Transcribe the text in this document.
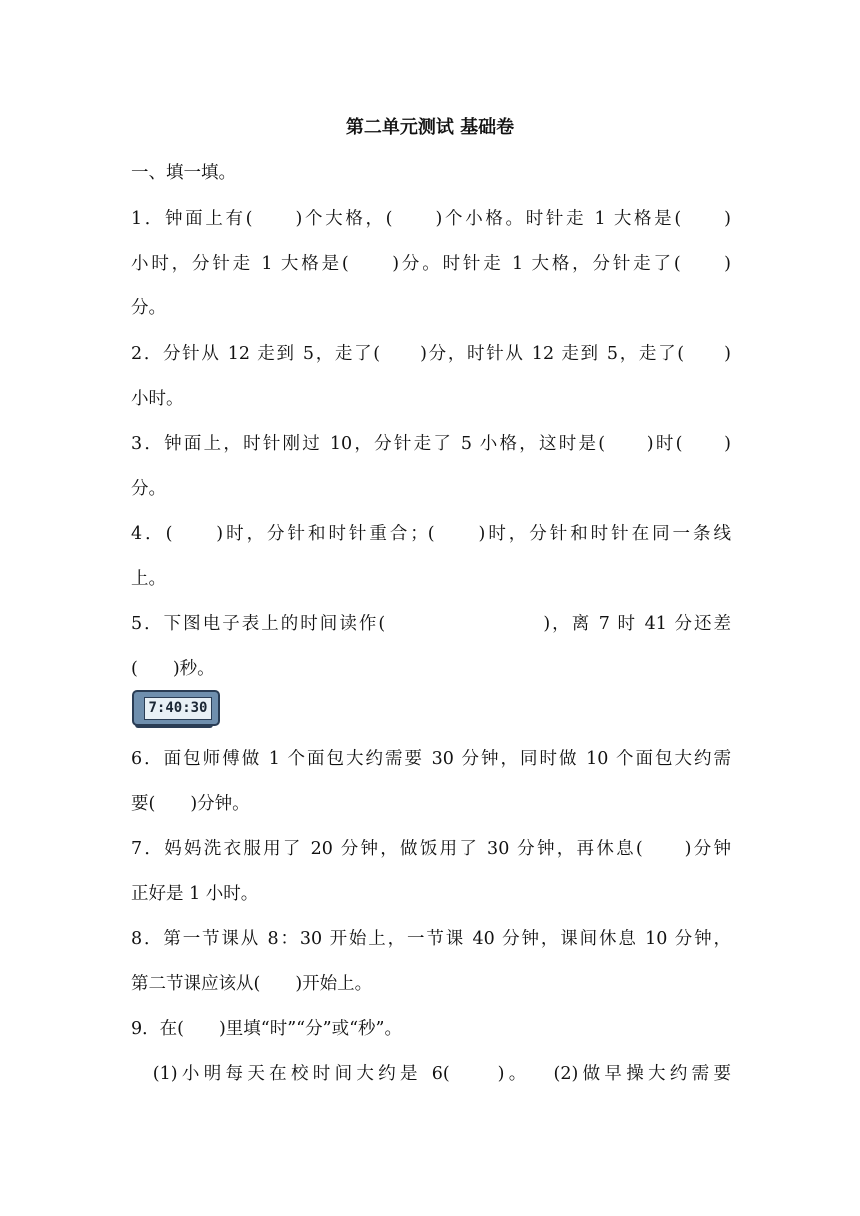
第二单元测试 基础卷
一、填一填。
1．钟面上有(　　)个大格，(　　)个小格。时针走 1 大格是(　　)
小时，分针走 1 大格是(　　)分。时针走 1 大格，分针走了(　　)
分。
2．分针从 12 走到 5，走了(　　)分，时针从 12 走到 5，走了(　　)
小时。
3．钟面上，时针刚过 10，分针走了 5 小格，这时是(　　)时(　　)
分。
4．(　　)时，分针和时针重合；(　　)时，分针和时针在同一条线
上。
5．下图电子表上的时间读作(　　　　　　　　)，离 7 时 41 分还差
(　　)秒。
7:40:30
6．面包师傅做 1 个面包大约需要 30 分钟，同时做 10 个面包大约需
要(　　)分钟。
7．妈妈洗衣服用了 20 分钟，做饭用了 30 分钟，再休息(　　)分钟
正好是 1 小时。
8．第一节课从 8：30 开始上，一节课 40 分钟，课间休息 10 分钟，
第二节课应该从(　　)开始上。
9．在(　　)里填“时”“分”或“秒”。
　(1)小明每天在校时间大约是 6(　　)。　 (2)做早操大约需要
